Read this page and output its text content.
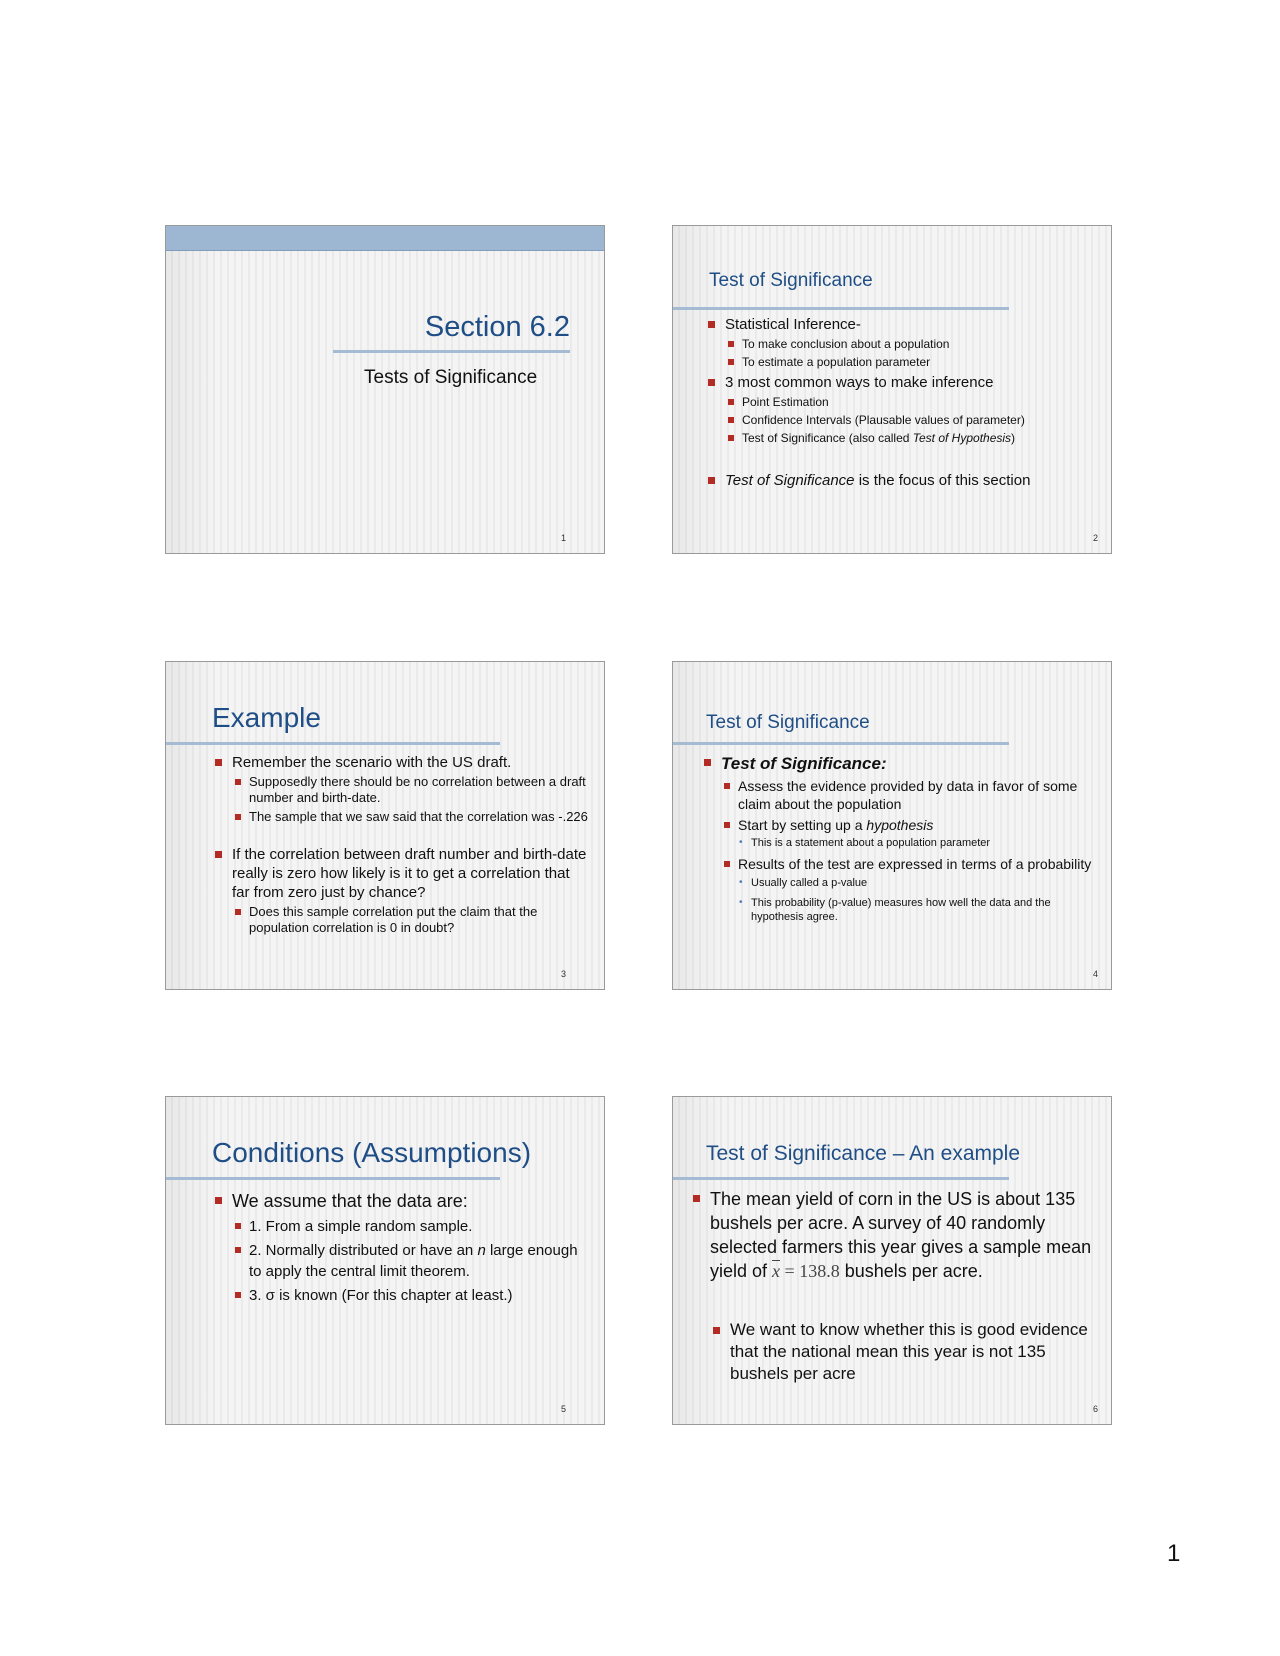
Section 6.2
Tests of Significance
1
Test of Significance
Statistical Inference-
To make conclusion about a population
To estimate a population parameter
3 most common ways to make inference
Point Estimation
Confidence Intervals (Plausable values of parameter)
Test of Significance (also called Test of Hypothesis)
Test of Significance is the focus of this section
2
Example
Remember the scenario with the US draft.
Supposedly there should be no correlation between a draft number and birth-date.
The sample that we saw said that the correlation was -.226
If the correlation between draft number and birth-date really is zero how likely is it to get a correlation that far from zero just by chance?
Does this sample correlation put the claim that the population correlation is 0 in doubt?
3
Test of Significance
Test of Significance:
Assess the evidence provided by data in favor of some claim about the population
Start by setting up a hypothesis
• This is a statement about a population parameter
Results of the test are expressed in terms of a probability
• Usually called a p-value
• This probability (p-value) measures how well the data and the hypothesis agree.
4
Conditions (Assumptions)
We assume that the data are:
1. From a simple random sample.
2. Normally distributed or have an n large enough to apply the central limit theorem.
3. σ is known (For this chapter at least.)
5
Test of Significance – An example
The mean yield of corn in the US is about 135 bushels per acre. A survey of 40 randomly selected farmers this year gives a sample mean yield of $\overline{x} = 138.8$ bushels per acre.
We want to know whether this is good evidence that the national mean this year is not 135 bushels per acre
6
1
